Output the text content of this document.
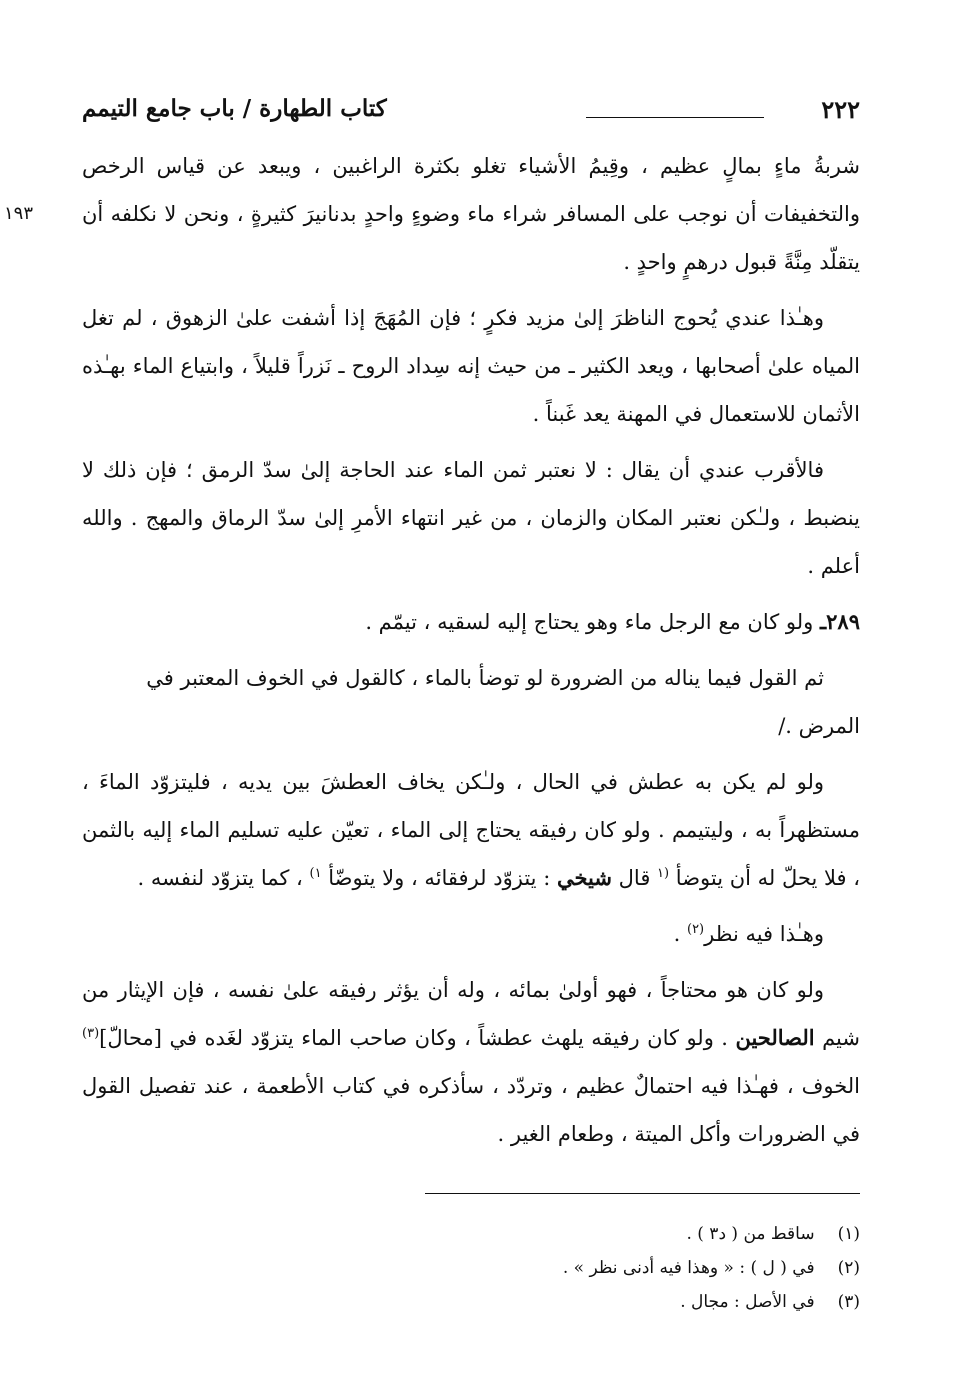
٢٢٢
كتاب الطهارة / باب جامع التيمم

شربةُ ماءٍ بمالٍ عظيم ، وقِيمُ الأشياء تغلو بكثرة الراغبين ، ويبعد عن قياس الرخص والتخفيفات أن نوجب على المسافر شراء ماء وضوءٍ واحدٍ بدنانيرَ كثيرةٍ ، ونحن لا نكلفه أن يتقلّد مِنَّةً قبول درهمٍ واحدٍ .

وهـٰذا عندي يُحوج الناظرَ إلىٰ مزيد فكرٍ ؛ فإن المُهَجَ إذا أشفت علىٰ الزهوق ، لم تغل المياه علىٰ أصحابها ، ويعد الكثير ـ من حيث إنه سِداد الروح ـ نَزراً قليلاً ، وابتياع الماء بهـٰذه الأثمان للاستعمال في المهنة يعد غَبناً .

فالأقرب عندي أن يقال : لا نعتبر ثمن الماء عند الحاجة إلىٰ سدّ الرمق ؛ فإن ذلك لا ينضبط ، ولـٰكن نعتبر المكان والزمان ، من غير انتهاء الأمرِ إلىٰ سدّ الرماق والمهج . والله أعلم .

٢٨٩ـ ولو كان مع الرجل ماء وهو يحتاج إليه لسقيه ، تيمّم .

ثم القول فيما يناله من الضرورة لو توضأ بالماء ، كالقول في الخوف المعتبر في
المرض ./
١٩٣

ولو لم يكن به عطش في الحال ، ولـٰكن يخاف العطشَ بين يديه ، فليتزوّد الماءَ ، مستظهراً به ، وليتيمم . ولو كان رفيقه يحتاج إلى الماء ، تعيّن عليه تسليم الماء إليه بالثمن ، فلا يحلّ له أن يتوضأ $^{(١}$ قال شيخي : يتزوّد لرفقائه ، ولا يتوضّأ $^{١)}$ ، كما يتزوّد لنفسه .

وهـٰذا فيه نظر$^{(٢)}$ .

ولو كان هو محتاجاً ، فهو أولىٰ بمائه ، وله أن يؤثر رفيقه علىٰ نفسه ، فإن الإيثار من شيم الصالحين . ولو كان رفيقه يلهث عطشاً ، وكان صاحب الماء يتزوّد لغَده في [محالّ]$^{(٣)}$ الخوف ، فهـٰذا فيه احتمالٌ عظيم ، وتردّد ، سأذكره في كتاب الأطعمة ، عند تفصيل القول في الضرورات وأكل الميتة ، وطعام الغير .

(١) ساقط من ( د٣ ) .
(٢) في ( ل ) : « وهذا فيه أدنى نظر » .
(٣) في الأصل : مجال .
